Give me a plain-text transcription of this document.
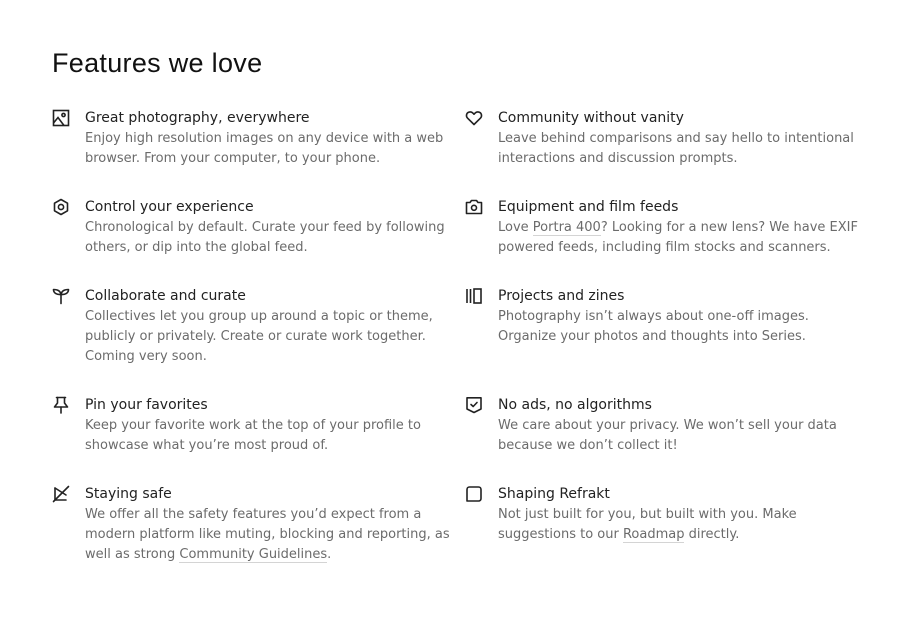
Features we love
Great photography, everywhere
Enjoy high resolution images on any device with a web browser. From your computer, to your phone.
Community without vanity
Leave behind comparisons and say hello to intentional interactions and discussion prompts.
Control your experience
Chronological by default. Curate your feed by following others, or dip into the global feed.
Equipment and film feeds
Love Portra 400? Looking for a new lens? We have EXIF powered feeds, including film stocks and scanners.
Collaborate and curate
Collectives let you group up around a topic or theme, publicly or privately. Create or curate work together. Coming very soon.
Projects and zines
Photography isn’t always about one-off images. Organize your photos and thoughts into Series.
Pin your favorites
Keep your favorite work at the top of your profile to showcase what you’re most proud of.
No ads, no algorithms
We care about your privacy. We won’t sell your data because we don’t collect it!
Staying safe
We offer all the safety features you’d expect from a modern platform like muting, blocking and reporting, as well as strong Community Guidelines.
Shaping Refrakt
Not just built for you, but built with you. Make suggestions to our Roadmap directly.
